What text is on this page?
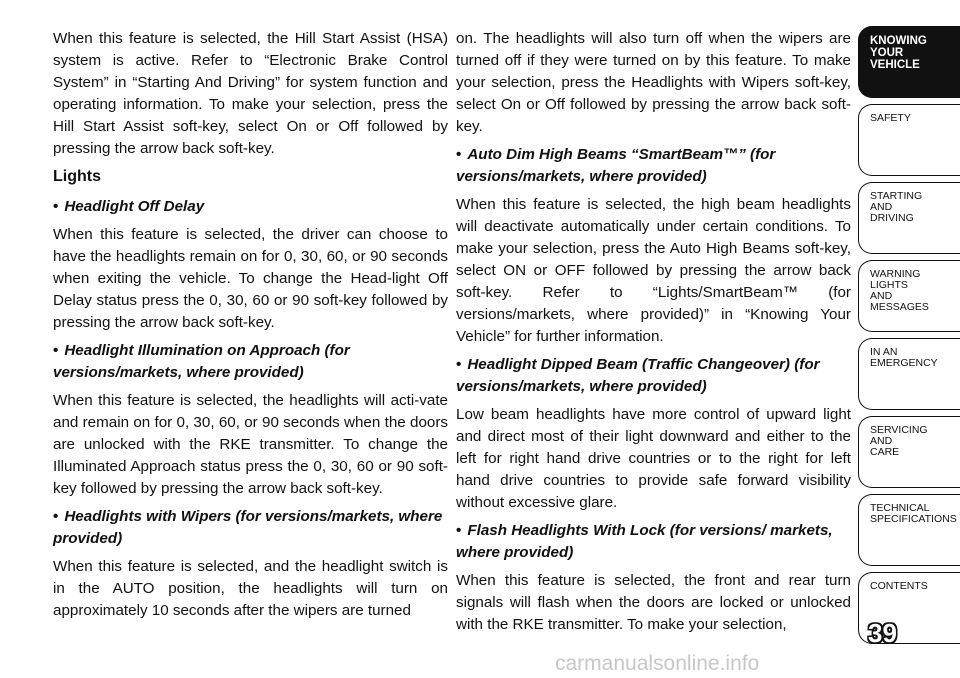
When this feature is selected, the Hill Start Assist (HSA) system is active. Refer to “Electronic Brake Control System” in “Starting And Driving” for system function and operating information. To make your selection, press the Hill Start Assist soft-key, select On or Off followed by pressing the arrow back soft-key.

Lights

• Headlight Off Delay

When this feature is selected, the driver can choose to have the headlights remain on for 0, 30, 60, or 90 seconds when exiting the vehicle. To change the Head-light Off Delay status press the 0, 30, 60 or 90 soft-key followed by pressing the arrow back soft-key.

• Headlight Illumination on Approach (for versions/markets, where provided)

When this feature is selected, the headlights will acti-vate and remain on for 0, 30, 60, or 90 seconds when the doors are unlocked with the RKE transmitter. To change the Illuminated Approach status press the 0, 30, 60 or 90 soft-key followed by pressing the arrow back soft-key.

• Headlights with Wipers (for versions/markets, where provided)

When this feature is selected, and the headlight switch is in the AUTO position, the headlights will turn on approximately 10 seconds after the wipers are turned

on. The headlights will also turn off when the wipers are turned off if they were turned on by this feature. To make your selection, press the Headlights with Wipers soft-key, select On or Off followed by pressing the arrow back soft-key.

• Auto Dim High Beams “SmartBeam™” (for versions/markets, where provided)

When this feature is selected, the high beam headlights will deactivate automatically under certain conditions. To make your selection, press the Auto High Beams soft-key, select ON or OFF followed by pressing the arrow back soft-key. Refer to “Lights/SmartBeam™ (for versions/markets, where provided)” in “Knowing Your Vehicle” for further information.

• Headlight Dipped Beam (Traffic Changeover) (for versions/markets, where provided)

Low beam headlights have more control of upward light and direct most of their light downward and either to the left for right hand drive countries or to the right for left hand drive countries to provide safe forward visibility without excessive glare.

• Flash Headlights With Lock (for versions/ markets, where provided)

When this feature is selected, the front and rear turn signals will flash when the doors are locked or unlocked with the RKE transmitter. To make your selection,

KNOWING
YOUR
VEHICLE
SAFETY
STARTING
AND
DRIVING
WARNING
LIGHTS
AND
MESSAGES
IN AN
EMERGENCY
SERVICING
AND
CARE
TECHNICAL
SPECIFICATIONS
CONTENTS
39
carmanualsonline.info
